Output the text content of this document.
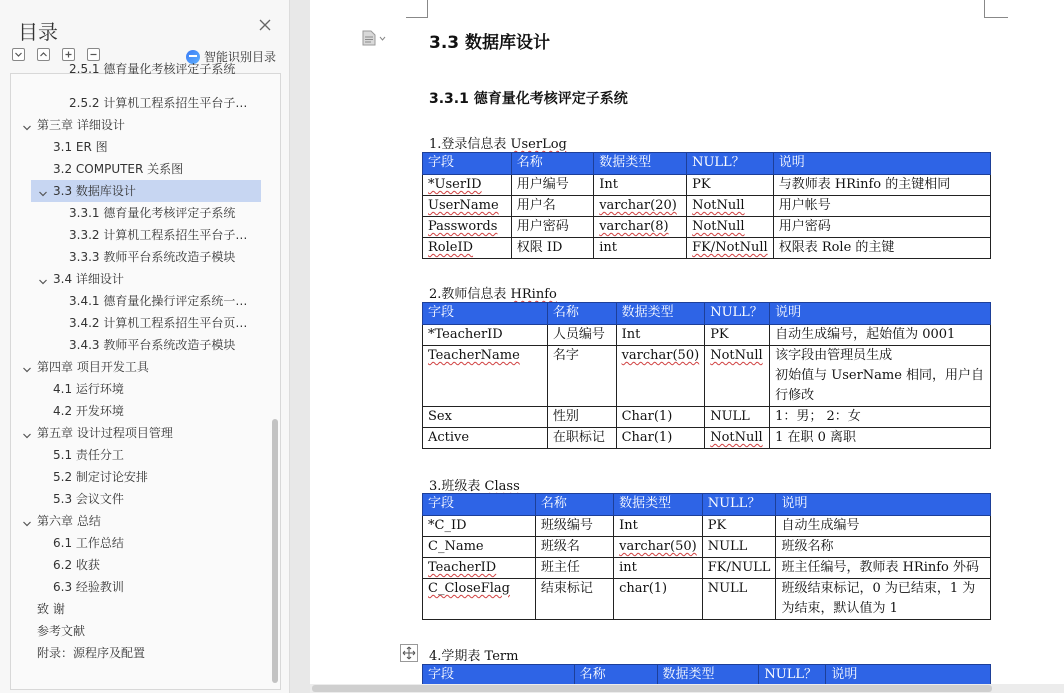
目录
智能识别目录
2.5.1 德育量化考核评定子系统
2.5.2 计算机工程系招生平台子…
第三章 详细设计
3.1 ER 图
3.2 COMPUTER 关系图
3.3 数据库设计
3.3.1 德育量化考核评定子系统
3.3.2 计算机工程系招生平台子…
3.3.3 教师平台系统改造子模块
3.4 详细设计
3.4.1 德育量化操行评定系统一…
3.4.2 计算机工程系招生平台页…
3.4.3 教师平台系统改造子模块
第四章 项目开发工具
4.1 运行环境
4.2 开发环境
第五章 设计过程项目管理
5.1 责任分工
5.2 制定讨论安排
5.3 会议文件
第六章 总结
6.1 工作总结
6.2 收获
6.3 经验教训
致 谢
参考文献
附录：源程序及配置
3.3 数据库设计
3.3.1 德育量化考核评定子系统
1.登录信息表 UserLog
字段	名称	数据类型	NULL？	说明
*UserID	用户编号	Int	PK	与教师表 HRinfo 的主键相同
UserName	用户名	varchar(20)	NotNull	用户帐号
Passwords	用户密码	varchar(8)	NotNull	用户密码
RoleID	权限 ID	int	FK/NotNull	权限表 Role 的主键
2.教师信息表 HRinfo
字段	名称	数据类型	NULL？	说明
*TeacherID	人员编号	Int	PK	自动生成编号，起始值为 0001
TeacherName	名字	varchar(50)	NotNull	该字段由管理员生成
初始值与 UserName 相同，用户自行修改
Sex	性别	Char(1)	NULL	1：男； 2：女
Active	在职标记	Char(1)	NotNull	1 在职 0 离职
3.班级表 Class
字段	名称	数据类型	NULL？	说明
*C_ID	班级编号	Int	PK	自动生成编号
C_Name	班级名	varchar(50)	NULL	班级名称
TeacherID	班主任	int	FK/NULL	班主任编号，教师表 HRinfo 外码
C_CloseFlag	结束标记	char(1)	NULL	班级结束标记，0 为已结束，1 为为结束，默认值为 1
4.学期表 Term
字段	名称	数据类型	NULL？	说明
